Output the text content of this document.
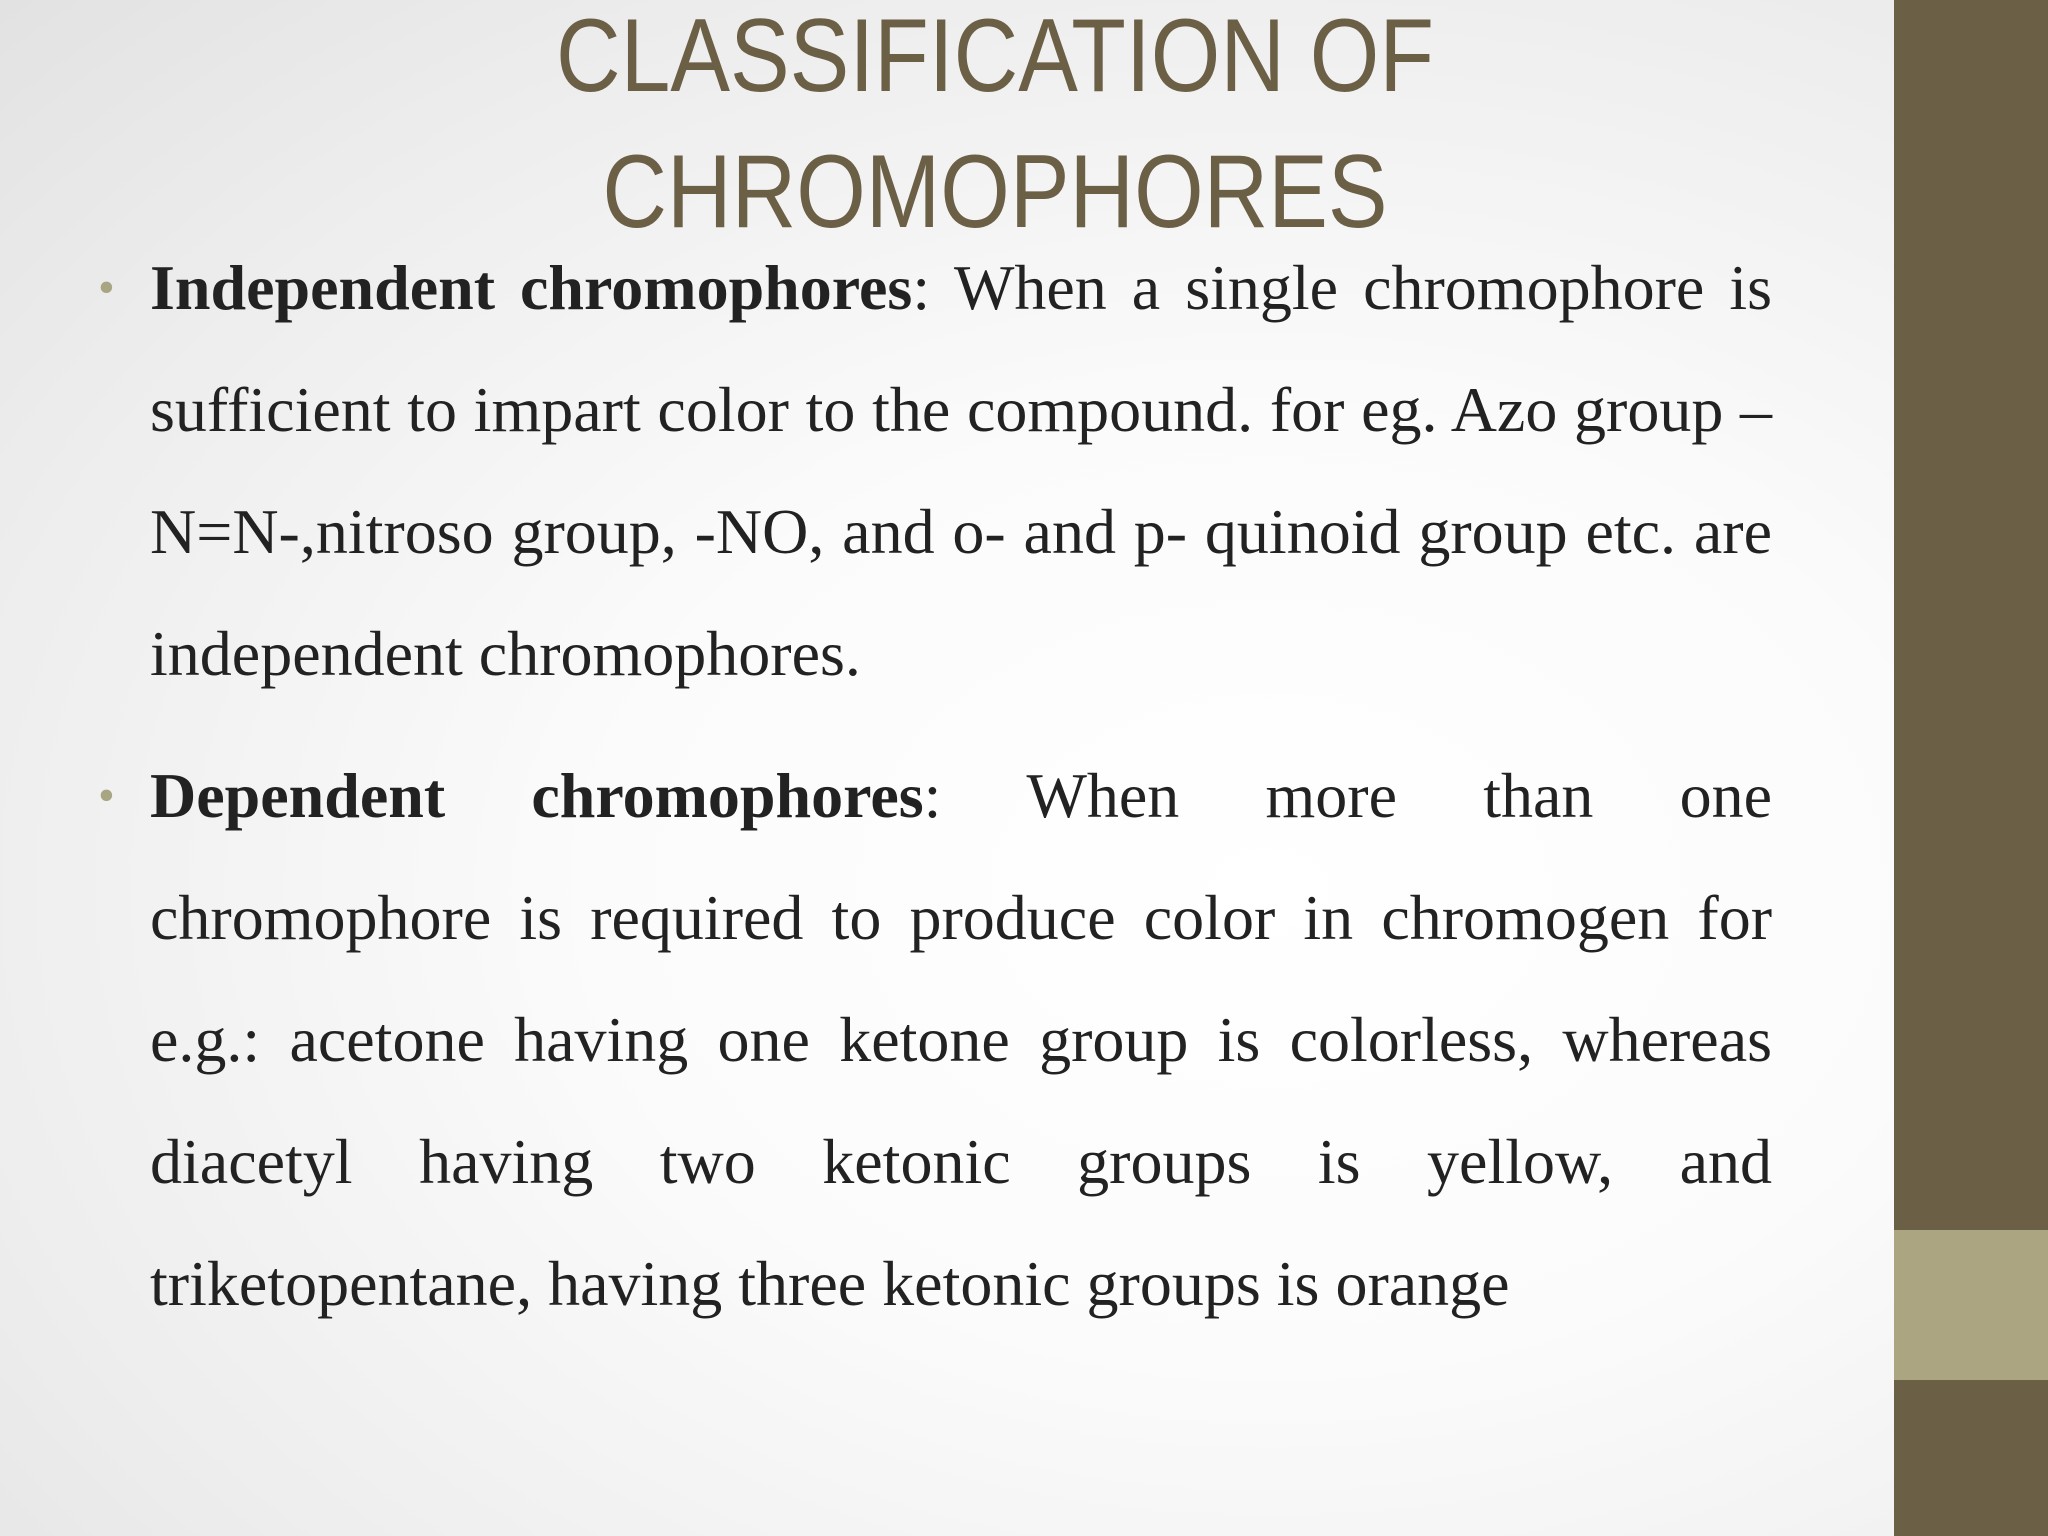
CLASSIFICATION OF
CHROMOPHORES

• Independent chromophores: When a single chromophore is sufficient to impart color to the compound. for eg. Azo group –N=N-,nitroso group, -NO, and o- and p- quinoid group etc. are independent chromophores.

• Dependent chromophores: When more than one chromophore is required to produce color in chromogen for e.g.: acetone having one ketone group is colorless, whereas diacetyl having two ketonic groups is yellow, and triketopentane, having three ketonic groups is orange
